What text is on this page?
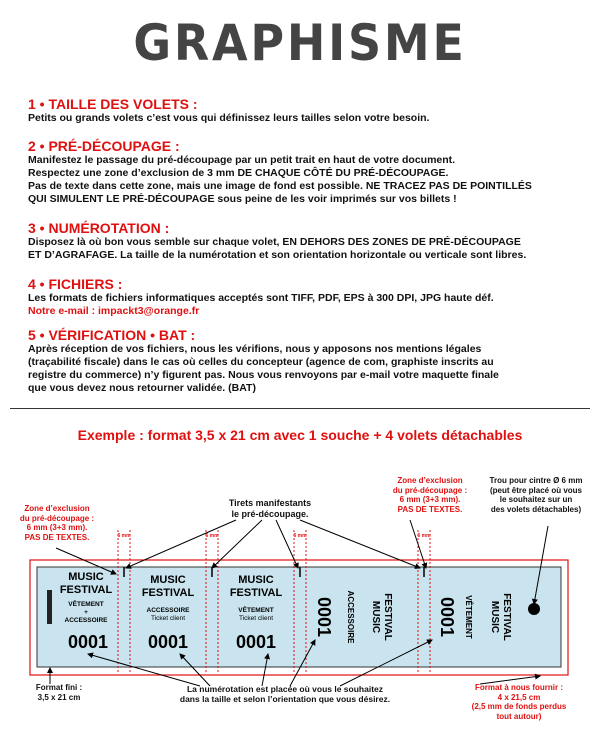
GRAPHISME
1 • TAILLE DES VOLETS :

Petits ou grands volets c’est vous qui définissez leurs tailles selon votre besoin.

2 • PRÉ-DÉCOUPAGE :

Manifestez le passage du pré-découpage par un petit trait en haut de votre document.

Respectez une zone d’exclusion de 3 mm DE CHAQUE CÔTÉ DU PRÉ-DÉCOUPAGE.

Pas de texte dans cette zone, mais une image de fond est possible. NE TRACEZ PAS DE POINTILLÉS

QUI SIMULENT LE PRÉ-DÉCOUPAGE sous peine de les voir imprimés sur vos billets !

3 • NUMÉROTATION :

Disposez là où bon vous semble sur chaque volet, EN DEHORS DES ZONES DE PRÉ-DÉCOUPAGE

ET D’AGRAFAGE. La taille de la numérotation et son orientation horizontale ou verticale sont libres.

4 • FICHIERS :

Les formats de fichiers informatiques acceptés sont TIFF, PDF, EPS à 300 DPI, JPG haute déf.

Notre e-mail : impackt3@orange.fr

5 • VÉRIFICATION • BAT :

Après réception de vos fichiers, nous les vérifions, nous y apposons nos mentions légales

(traçabilité fiscale) dans le cas où celles du concepteur (agence de com, graphiste inscrits au

registre du commerce) n’y figurent pas. Nous vous renvoyons par e-mail votre maquette finale

que vous devez nous retourner validée. (BAT)

Exemple : format 3,5 x 21 cm avec 1 souche + 4 volets détachables
Zone d’exclusion
du pré-découpage :
6 mm (3+3 mm).
PAS DE TEXTES.
Tirets manifestants
le pré-découpage.
Zone d’exclusion
du pré-découpage :
6 mm (3+3 mm).
PAS DE TEXTES.
Trou pour cintre Ø 6 mm
(peut être placé où vous
le souhaitez sur un
des volets détachables)
Format fini :
3,5 x 21 cm
La numérotation est placée où vous le souhaitez
dans la taille et selon l’orientation que vous désirez.
Format à nous fournir :
4 x 21,5 cm
(2,5 mm de fonds perdus
tout autour)
6 mm	6 mm	6 mm	6 mm
MUSIC
FESTIVAL
VÊTEMENT
+
ACCESSOIRE
0001
MUSIC
FESTIVAL
ACCESSOIRE
Ticket client
0001
MUSIC
FESTIVAL
VÊTEMENT
Ticket client
0001
0001 ACCESSOIRE MUSIC FESTIVAL 0001 VÊTEMENT MUSIC FESTIVAL
